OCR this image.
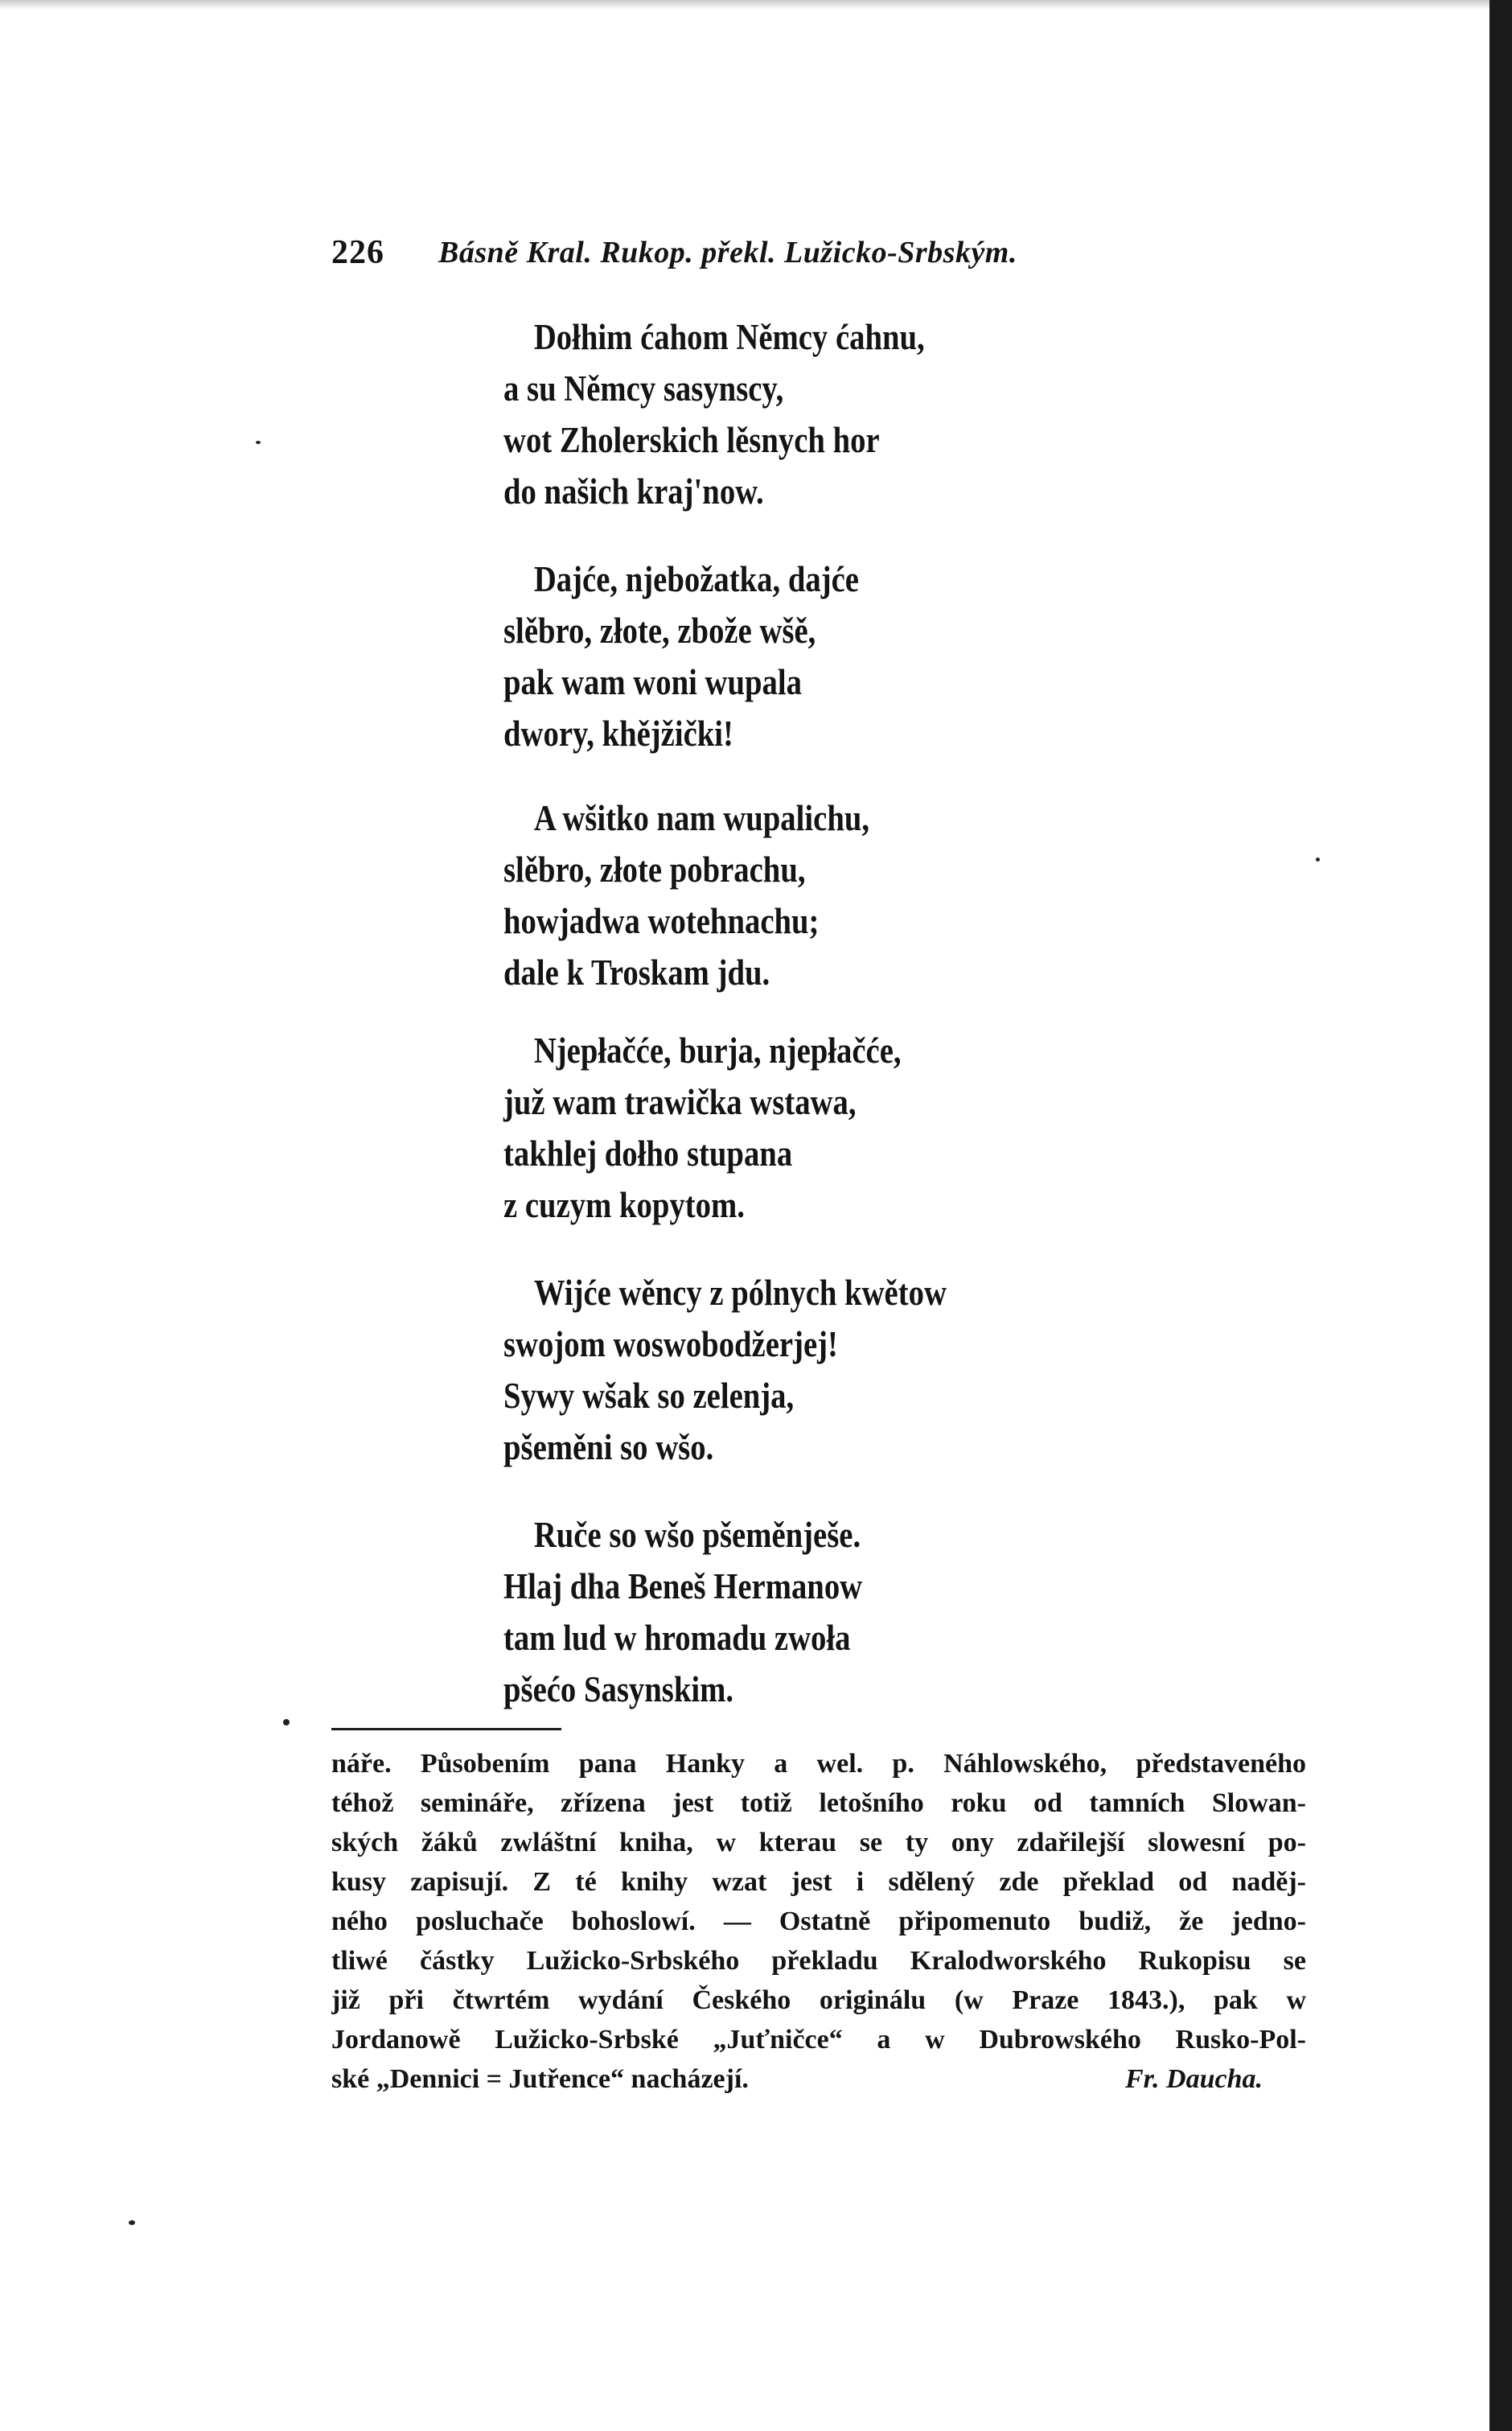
226 Básně Kral. Rukop. překl. Lužicko-Srbským.
Dołhim ćahom Němcy ćahnu,
a su Němcy sasynscy,
wot Zholerskich lěsnych hor
do našich kraj'now.
Dajće, njebožatka, dajće
slěbro, złote, zbože wšě,
pak wam woni wupala
dwory, khějžički!
A wšitko nam wupalichu,
slěbro, złote pobrachu,
howjadwa wotehnachu;
dale k Troskam jdu.
Njepłačće, burja, njepłačće,
juž wam trawička wstawa,
takhlej dołho stupana
z cuzym kopytom.
Wijće wěncy z pólnych kwětow
swojom woswobodžerjej!
Sywy wšak so zelenja,
pšeměni so wšo.
Ruče so wšo pšeměnješe.
Hlaj dha Beneš Hermanow
tam lud w hromadu zwoła
pšećo Sasynskim.
náře. Působením pana Hanky a wel. p. Náhlowského, představeného
téhož semináře, zřízena jest totiž letošního roku od tamních Slowan-
ských žáků zwláštní kniha, w kterau se ty ony zdařilejší slowesní po-
kusy zapisují. Z té knihy wzat jest i sdělený zde překlad od naděj-
ného posluchače bohoslowí. — Ostatně připomenuto budiž, že jedno-
tliwé částky Lužicko-Srbského překladu Kralodworského Rukopisu se
již při čtwrtém wydání Českého originálu (w Praze 1843.), pak w
Jordanowě Lužicko-Srbské „Juťničce“ a w Dubrowského Rusko-Pol-
ské „Dennici = Jutřence“ nacházejí.	Fr. Daucha.
